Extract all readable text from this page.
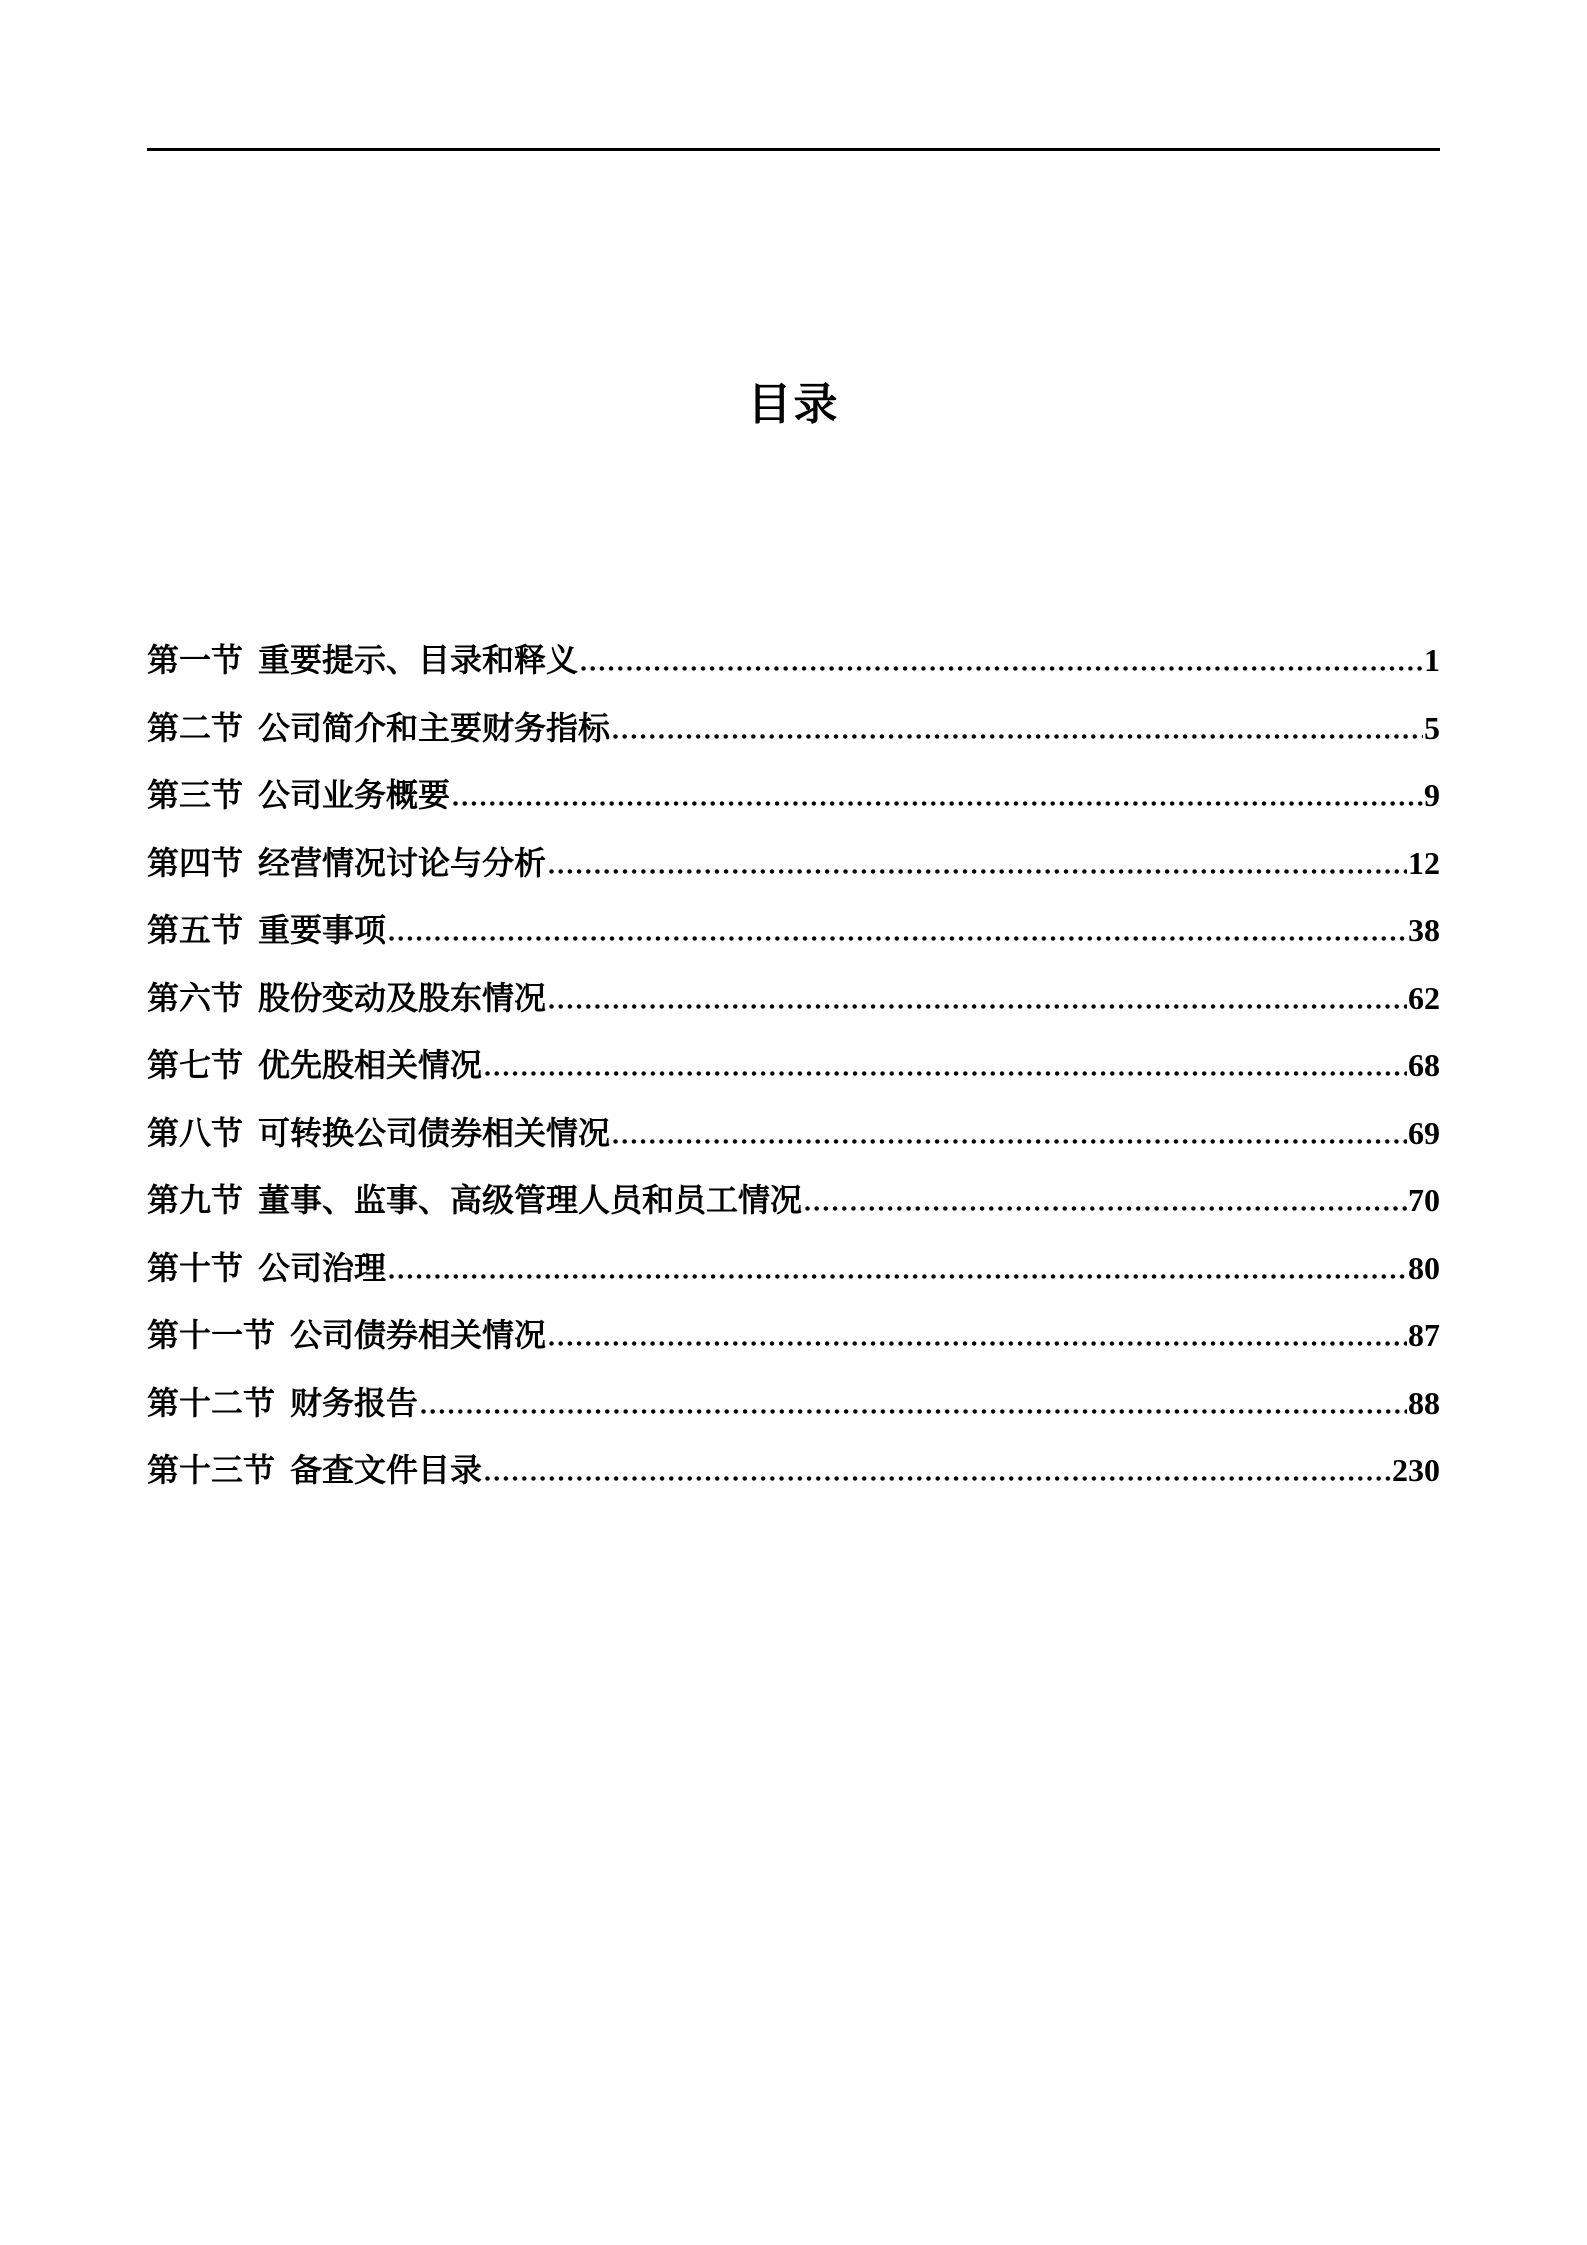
目录
第一节 重要提示、目录和释义	1
第二节 公司简介和主要财务指标	5
第三节 公司业务概要	9
第四节 经营情况讨论与分析	12
第五节 重要事项	38
第六节 股份变动及股东情况	62
第七节 优先股相关情况	68
第八节 可转换公司债券相关情况	69
第九节 董事、监事、高级管理人员和员工情况	70
第十节 公司治理	80
第十一节 公司债券相关情况	87
第十二节 财务报告	88
第十三节 备查文件目录	230
